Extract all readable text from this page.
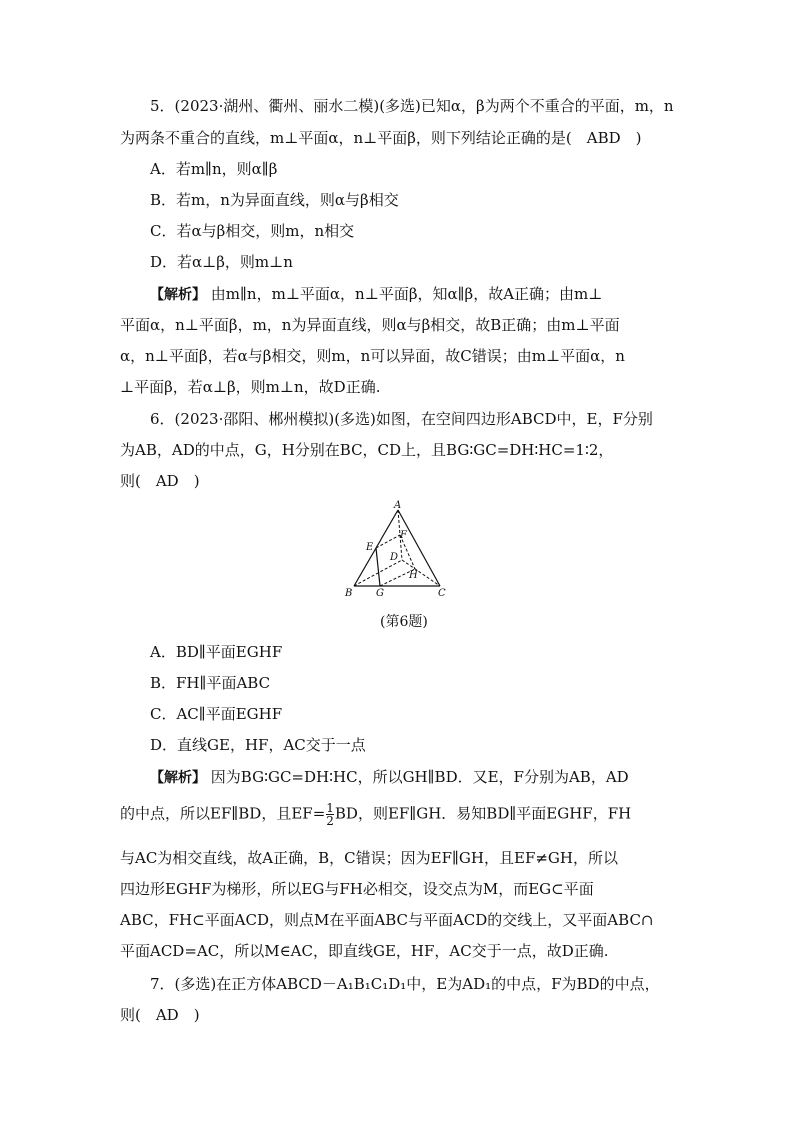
5．(2023·湖州、衢州、丽水二模)(多选)已知α，β为两个不重合的平面，m，n
为两条不重合的直线，m⊥平面α，n⊥平面β，则下列结论正确的是(　ABD　)
A．若m∥n，则α∥β
B．若m，n为异面直线，则α与β相交
C．若α与β相交，则m，n相交
D．若α⊥β，则m⊥n
【解析】 由m∥n，m⊥平面α，n⊥平面β，知α∥β，故A正确；由m⊥
平面α，n⊥平面β，m，n为异面直线，则α与β相交，故B正确；由m⊥平面
α，n⊥平面β，若α与β相交，则m，n可以异面，故C错误；由m⊥平面α，n
⊥平面β，若α⊥β，则m⊥n，故D正确.
6．(2023·邵阳、郴州模拟)(多选)如图，在空间四边形ABCD中，E，F分别
为AB，AD的中点，G，H分别在BC，CD上，且BG∶GC=DH∶HC=1∶2，
则(　AD　)
A
B	C
D
E
F
G
H
(第6题)
A．BD∥平面EGHF
B．FH∥平面ABC
C．AC∥平面EGHF
D．直线GE，HF，AC交于一点
【解析】 因为BG∶GC=DH∶HC，所以GH∥BD．又E，F分别为AB，AD
的中点，所以EF∥BD，且$EF= \frac{1}{2}$ BD，则EF∥GH．易知BD∥平面EGHF，FH
与AC为相交直线，故A正确，B，C错误；因为EF∥GH，且EF≠GH，所以
四边形EGHF为梯形，所以EG与FH必相交，设交点为M，而EG⊂平面
ABC，FH⊂平面ACD，则点M在平面ABC与平面ACD的交线上，又平面ABC∩
平面ACD=AC，所以M∈AC，即直线GE，HF，AC交于一点，故D正确.
7．(多选)在正方体ABCD－A₁B₁C₁D₁中，E为AD₁的中点，F为BD的中点，
则(　AD　)
